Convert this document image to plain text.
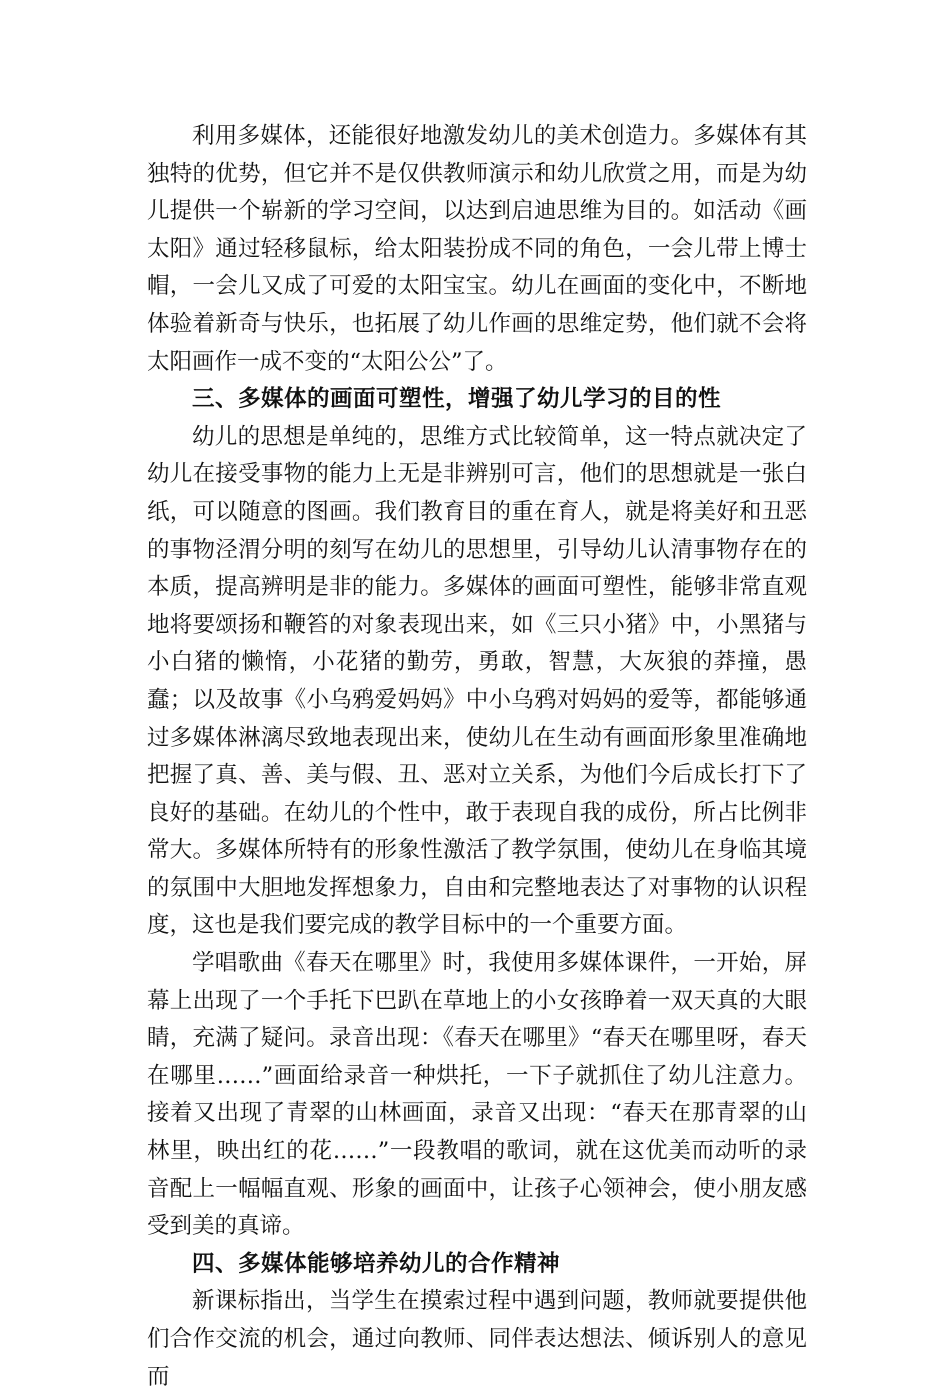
利用多媒体，还能很好地激发幼儿的美术创造力。多媒体有其独特的优势，但它并不是仅供教师演示和幼儿欣赏之用，而是为幼儿提供一个崭新的学习空间，以达到启迪思维为目的。如活动《画太阳》通过轻移鼠标，给太阳装扮成不同的角色，一会儿带上博士帽，一会儿又成了可爱的太阳宝宝。幼儿在画面的变化中，不断地体验着新奇与快乐，也拓展了幼儿作画的思维定势，他们就不会将太阳画作一成不变的“太阳公公”了。

三、多媒体的画面可塑性，增强了幼儿学习的目的性

幼儿的思想是单纯的，思维方式比较简单，这一特点就决定了幼儿在接受事物的能力上无是非辨别可言，他们的思想就是一张白纸，可以随意的图画。我们教育目的重在育人，就是将美好和丑恶的事物泾渭分明的刻写在幼儿的思想里，引导幼儿认清事物存在的本质，提高辨明是非的能力。多媒体的画面可塑性，能够非常直观地将要颂扬和鞭笞的对象表现出来，如《三只小猪》中，小黑猪与小白猪的懒惰，小花猪的勤劳，勇敢，智慧，大灰狼的莽撞，愚蠢；以及故事《小乌鸦爱妈妈》中小乌鸦对妈妈的爱等，都能够通过多媒体淋漓尽致地表现出来，使幼儿在生动有画面形象里准确地把握了真、善、美与假、丑、恶对立关系，为他们今后成长打下了良好的基础。在幼儿的个性中，敢于表现自我的成份，所占比例非常大。多媒体所特有的形象性激活了教学氛围，使幼儿在身临其境的氛围中大胆地发挥想象力，自由和完整地表达了对事物的认识程度，这也是我们要完成的教学目标中的一个重要方面。

学唱歌曲《春天在哪里》时，我使用多媒体课件，一开始，屏幕上出现了一个手托下巴趴在草地上的小女孩睁着一双天真的大眼睛，充满了疑问。录音出现：《春天在哪里》“春天在哪里呀，春天在哪里……”画面给录音一种烘托，一下子就抓住了幼儿注意力。接着又出现了青翠的山林画面，录音又出现：“春天在那青翠的山林里，映出红的花……”一段教唱的歌词，就在这优美而动听的录音配上一幅幅直观、形象的画面中，让孩子心领神会，使小朋友感受到美的真谛。

四、多媒体能够培养幼儿的合作精神

新课标指出，当学生在摸索过程中遇到问题，教师就要提供他们合作交流的机会，通过向教师、同伴表达想法、倾诉别人的意见而
